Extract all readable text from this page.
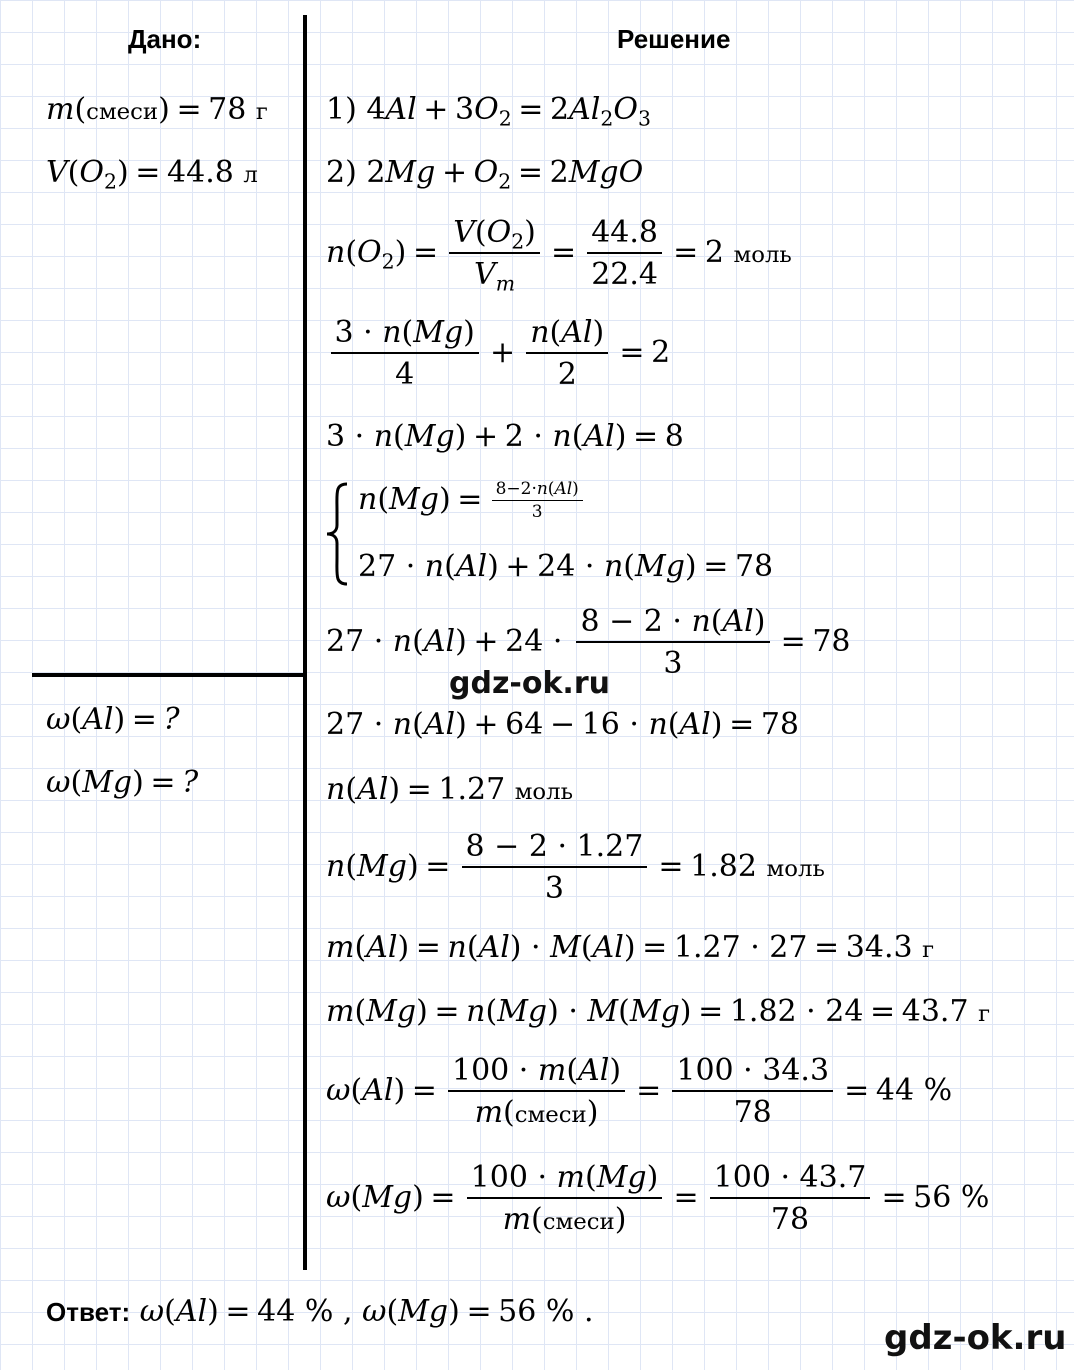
Дано:	Решение
m(смеси) = 78 г
$V(O_2) = 44.8$ л
ω(Al) = ?
ω(Mg) = ?
1) $4Al + 3O_2 = 2Al_2O_3$
2) $2Mg + O_2 = 2MgO$
$n(O_2) = \frac{V(O_2)}{V_m} = \frac{44.8}{22.4} = 2$ моль
$\frac{3 \cdot n(Mg)}{4} + \frac{n(Al)}{2} = 2$
3 · n(Mg) + 2 · n(Al) = 8
$n(Mg) = \frac{8-2\cdot n(Al)}{3}$
27 · n(Al) + 24 · n(Mg) = 78
$27 \cdot n(Al) + 24 \cdot \frac{8 - 2 \cdot n(Al)}{3} = 78$
27 · n(Al) + 64 − 16 · n(Al) = 78
n(Al) = 1.27 моль
$n(Mg) = \frac{8 - 2 \cdot 1.27}{3} = 1.82$ моль
m(Al) = n(Al) · M(Al) = 1.27 · 27 = 34.3 г
m(Mg) = n(Mg) · M(Mg) = 1.82 · 24 = 43.7 г
$\omega(Al) = \frac{100 \cdot m(Al)}{\text{m(смеси)}} = \frac{100 \cdot 34.3}{78} = 44$ %
$\omega(Mg) = \frac{100 \cdot m(Mg)}{\text{m(смеси)}} = \frac{100 \cdot 43.7}{78} = 56$ %
Ответ: ω(Al) = 44 % , ω(Mg) = 56 % .
gdz-ok.ru
gdz-ok.ru
